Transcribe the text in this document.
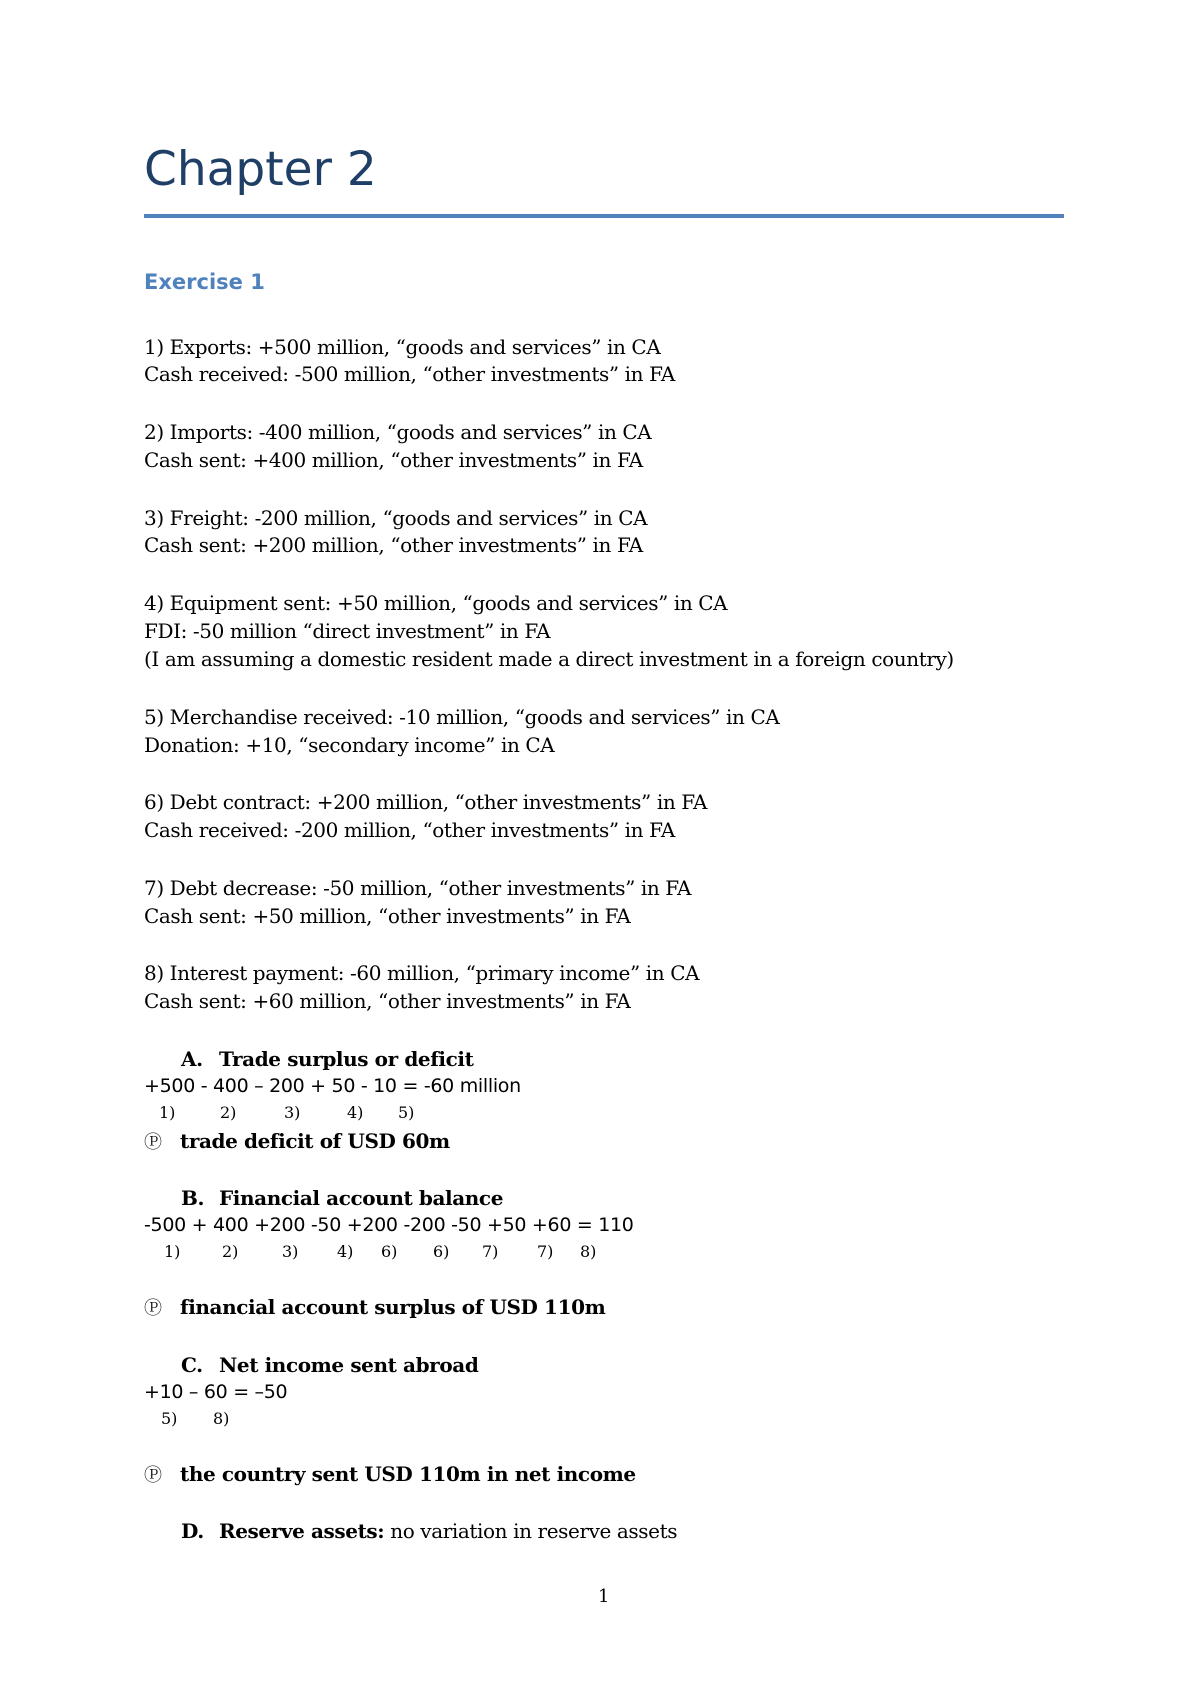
Chapter 2
Exercise 1
1) Exports: +500 million, “goods and services” in CA
Cash received: -500 million, “other investments” in FA
2) Imports: -400 million, “goods and services” in CA
Cash sent: +400 million, “other investments” in FA
3) Freight: -200 million, “goods and services” in CA
Cash sent: +200 million, “other investments” in FA
4) Equipment sent: +50 million, “goods and services” in CA
FDI: -50 million “direct investment” in FA
(I am assuming a domestic resident made a direct investment in a foreign country)
5) Merchandise received: -10 million, “goods and services” in CA
Donation: +10, “secondary income” in CA
6) Debt contract: +200 million, “other investments” in FA
Cash received: -200 million, “other investments” in FA
7) Debt decrease: -50 million, “other investments” in FA
Cash sent: +50 million, “other investments” in FA
8) Interest payment: -60 million, “primary income” in CA
Cash sent: +60 million, “other investments” in FA
A. Trade surplus or deficit
+500 - 400 – 200 + 50 - 10 = -60 million
1)	2)	3)	4) 5)
Ⓟ trade deficit of USD 60m
B. Financial account balance
-500 + 400 +200 -50 +200 -200 -50 +50 +60 = 110
1)	2)	3) 4) 6) 6) 7) 7) 8)
Ⓟ financial account surplus of USD 110m
C. Net income sent abroad
+10 – 60 = –50
5) 8)
Ⓟ the country sent USD 110m in net income
D. Reserve assets: no variation in reserve assets
1
